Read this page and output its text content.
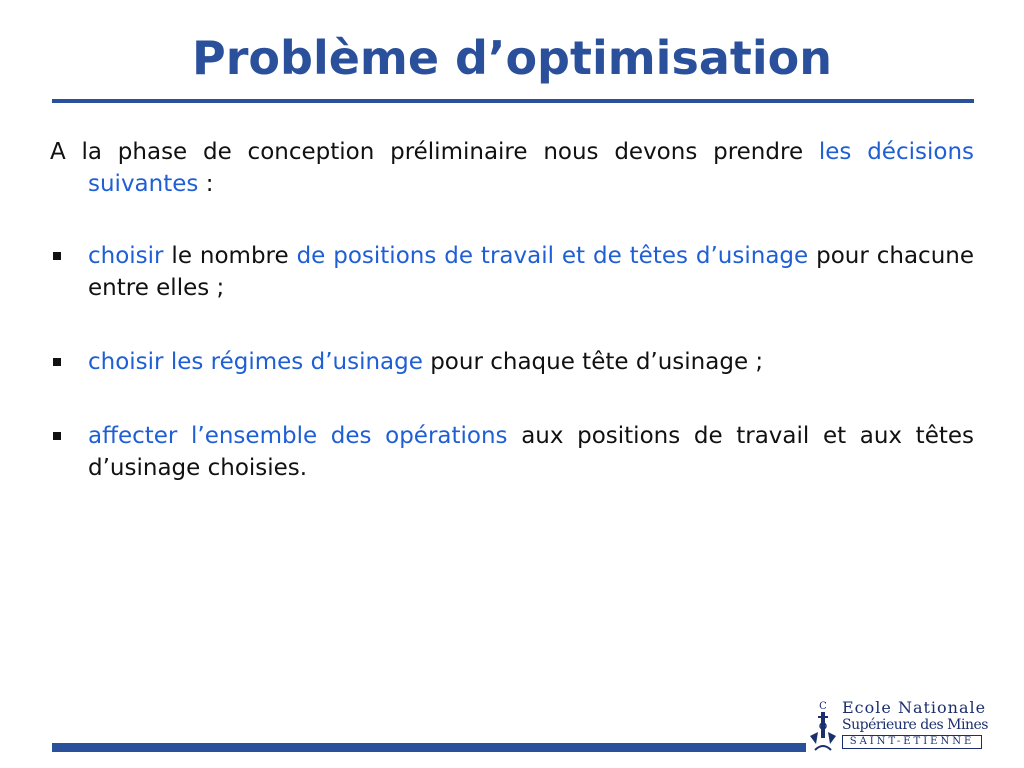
Problème d’optimisation

A la phase de conception préliminaire nous devons prendre les décisions suivantes :

choisir le nombre de positions de travail et de têtes d’usinage pour chacune entre elles ;

choisir les régimes d’usinage pour chaque tête d’usinage ;

affecter l’ensemble des opérations aux positions de travail et aux têtes d’usinage choisies.

C Ecole Nationale
Supérieure des Mines
SAINT-ETIENNE
